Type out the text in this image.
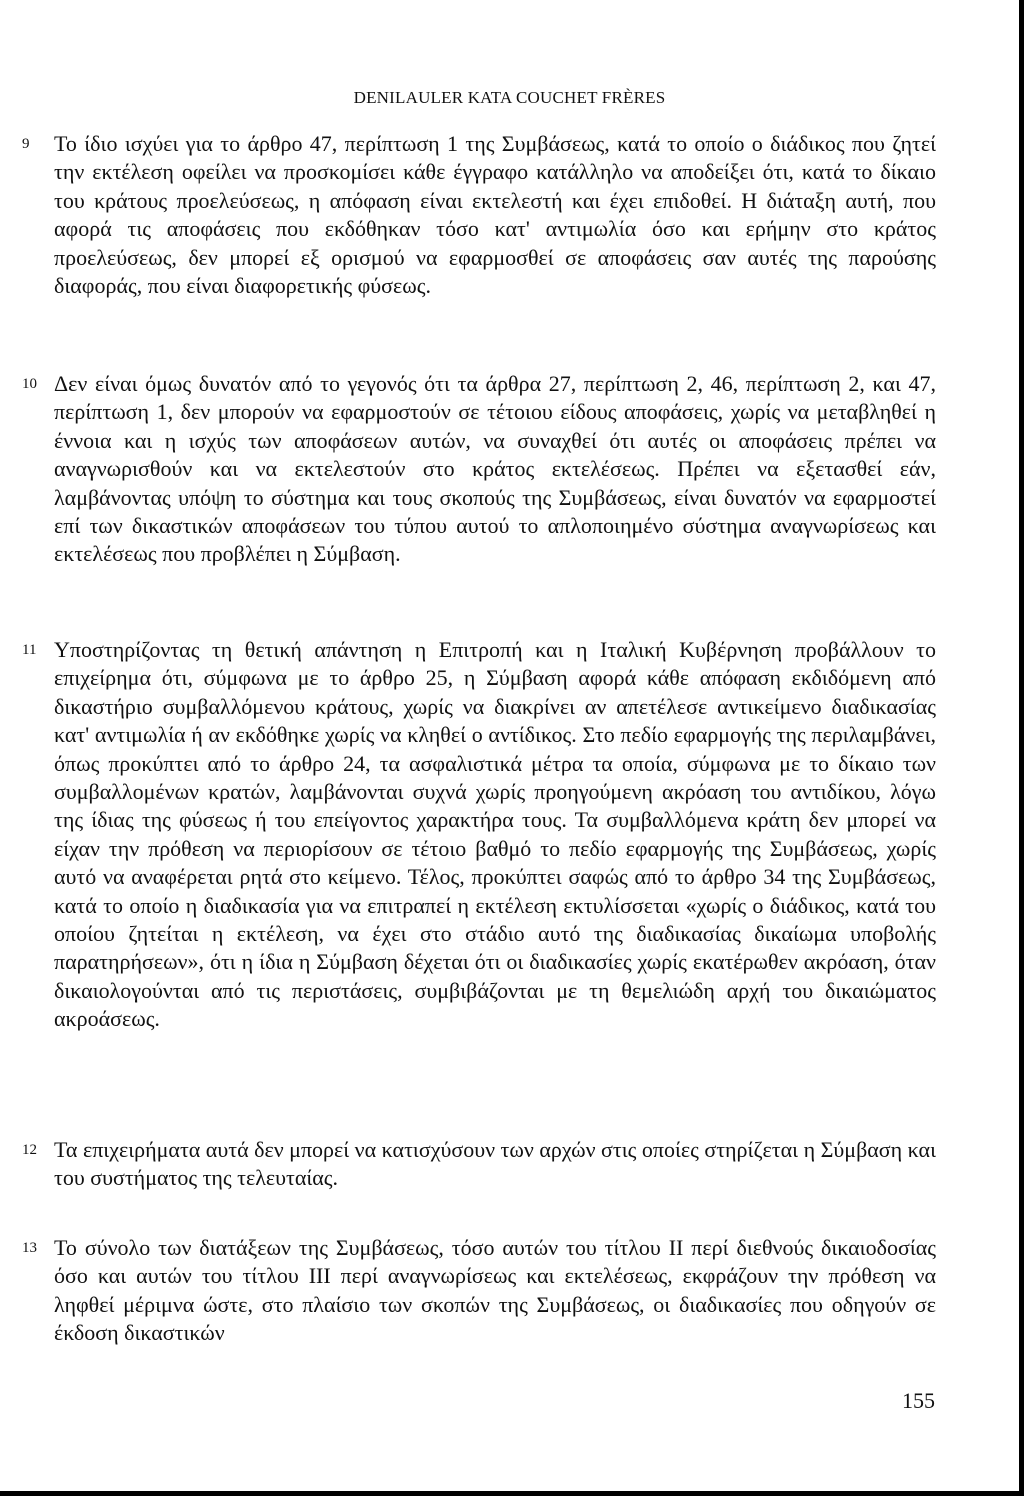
DENILAULER KATA COUCHET FRÈRES
9 Το ίδιο ισχύει για το άρθρο 47, περίπτωση 1 της Συμβάσεως, κατά το οποίο ο διάδικος που ζητεί την εκτέλεση οφείλει να προσκομίσει κάθε έγγραφο κατάλληλο να αποδείξει ότι, κατά το δίκαιο του κράτους προελεύσεως, η απόφαση είναι εκτελεστή και έχει επιδοθεί. Η διάταξη αυτή, που αφορά τις αποφάσεις που εκδόθηκαν τόσο κατ' αντιμωλία όσο και ερήμην στο κράτος προελεύσεως, δεν μπορεί εξ ορισμού να εφαρμοσθεί σε αποφάσεις σαν αυτές της παρούσης διαφοράς, που είναι διαφορετικής φύσεως.

10 Δεν είναι όμως δυνατόν από το γεγονός ότι τα άρθρα 27, περίπτωση 2, 46, περίπτωση 2, και 47, περίπτωση 1, δεν μπορούν να εφαρμοστούν σε τέτοιου είδους αποφάσεις, χωρίς να μεταβληθεί η έννοια και η ισχύς των αποφάσεων αυτών, να συναχθεί ότι αυτές οι αποφάσεις πρέπει να αναγνωρισθούν και να εκτελεστούν στο κράτος εκτελέσεως. Πρέπει να εξετασθεί εάν, λαμβάνοντας υπόψη το σύστημα και τους σκοπούς της Συμβάσεως, είναι δυνατόν να εφαρμοστεί επί των δικαστικών αποφάσεων του τύπου αυτού το απλοποιημένο σύστημα αναγνωρίσεως και εκτελέσεως που προβλέπει η Σύμβαση.

11 Υποστηρίζοντας τη θετική απάντηση η Επιτροπή και η Ιταλική Κυβέρνηση προβάλλουν το επιχείρημα ότι, σύμφωνα με το άρθρο 25, η Σύμβαση αφορά κάθε απόφαση εκδιδόμενη από δικαστήριο συμβαλλόμενου κράτους, χωρίς να διακρίνει αν απετέλεσε αντικείμενο διαδικασίας κατ' αντιμωλία ή αν εκδόθηκε χωρίς να κληθεί ο αντίδικος. Στο πεδίο εφαρμογής της περιλαμβάνει, όπως προκύπτει από το άρθρο 24, τα ασφαλιστικά μέτρα τα οποία, σύμφωνα με το δίκαιο των συμβαλλομένων κρατών, λαμβάνονται συχνά χωρίς προηγούμενη ακρόαση του αντιδίκου, λόγω της ίδιας της φύσεως ή του επείγοντος χαρακτήρα τους. Τα συμβαλλόμενα κράτη δεν μπορεί να είχαν την πρόθεση να περιορίσουν σε τέτοιο βαθμό το πεδίο εφαρμογής της Συμβάσεως, χωρίς αυτό να αναφέρεται ρητά στο κείμενο. Τέλος, προκύπτει σαφώς από το άρθρο 34 της Συμβάσεως, κατά το οποίο η διαδικασία για να επιτραπεί η εκτέλεση εκτυλίσσεται «χωρίς ο διάδικος, κατά του οποίου ζητείται η εκτέλεση, να έχει στο στάδιο αυτό της διαδικασίας δικαίωμα υποβολής παρατηρήσεων», ότι η ίδια η Σύμβαση δέχεται ότι οι διαδικασίες χωρίς εκατέρωθεν ακρόαση, όταν δικαιολογούνται από τις περιστάσεις, συμβιβάζονται με τη θεμελιώδη αρχή του δικαιώματος ακροάσεως.

12 Τα επιχειρήματα αυτά δεν μπορεί να κατισχύσουν των αρχών στις οποίες στηρίζεται η Σύμβαση και του συστήματος της τελευταίας.

13 Το σύνολο των διατάξεων της Συμβάσεως, τόσο αυτών του τίτλου ΙΙ περί διεθνούς δικαιοδοσίας όσο και αυτών του τίτλου ΙΙΙ περί αναγνωρίσεως και εκτελέσεως, εκφράζουν την πρόθεση να ληφθεί μέριμνα ώστε, στο πλαίσιο των σκοπών της Συμβάσεως, οι διαδικασίες που οδηγούν σε έκδοση δικαστικών

155
